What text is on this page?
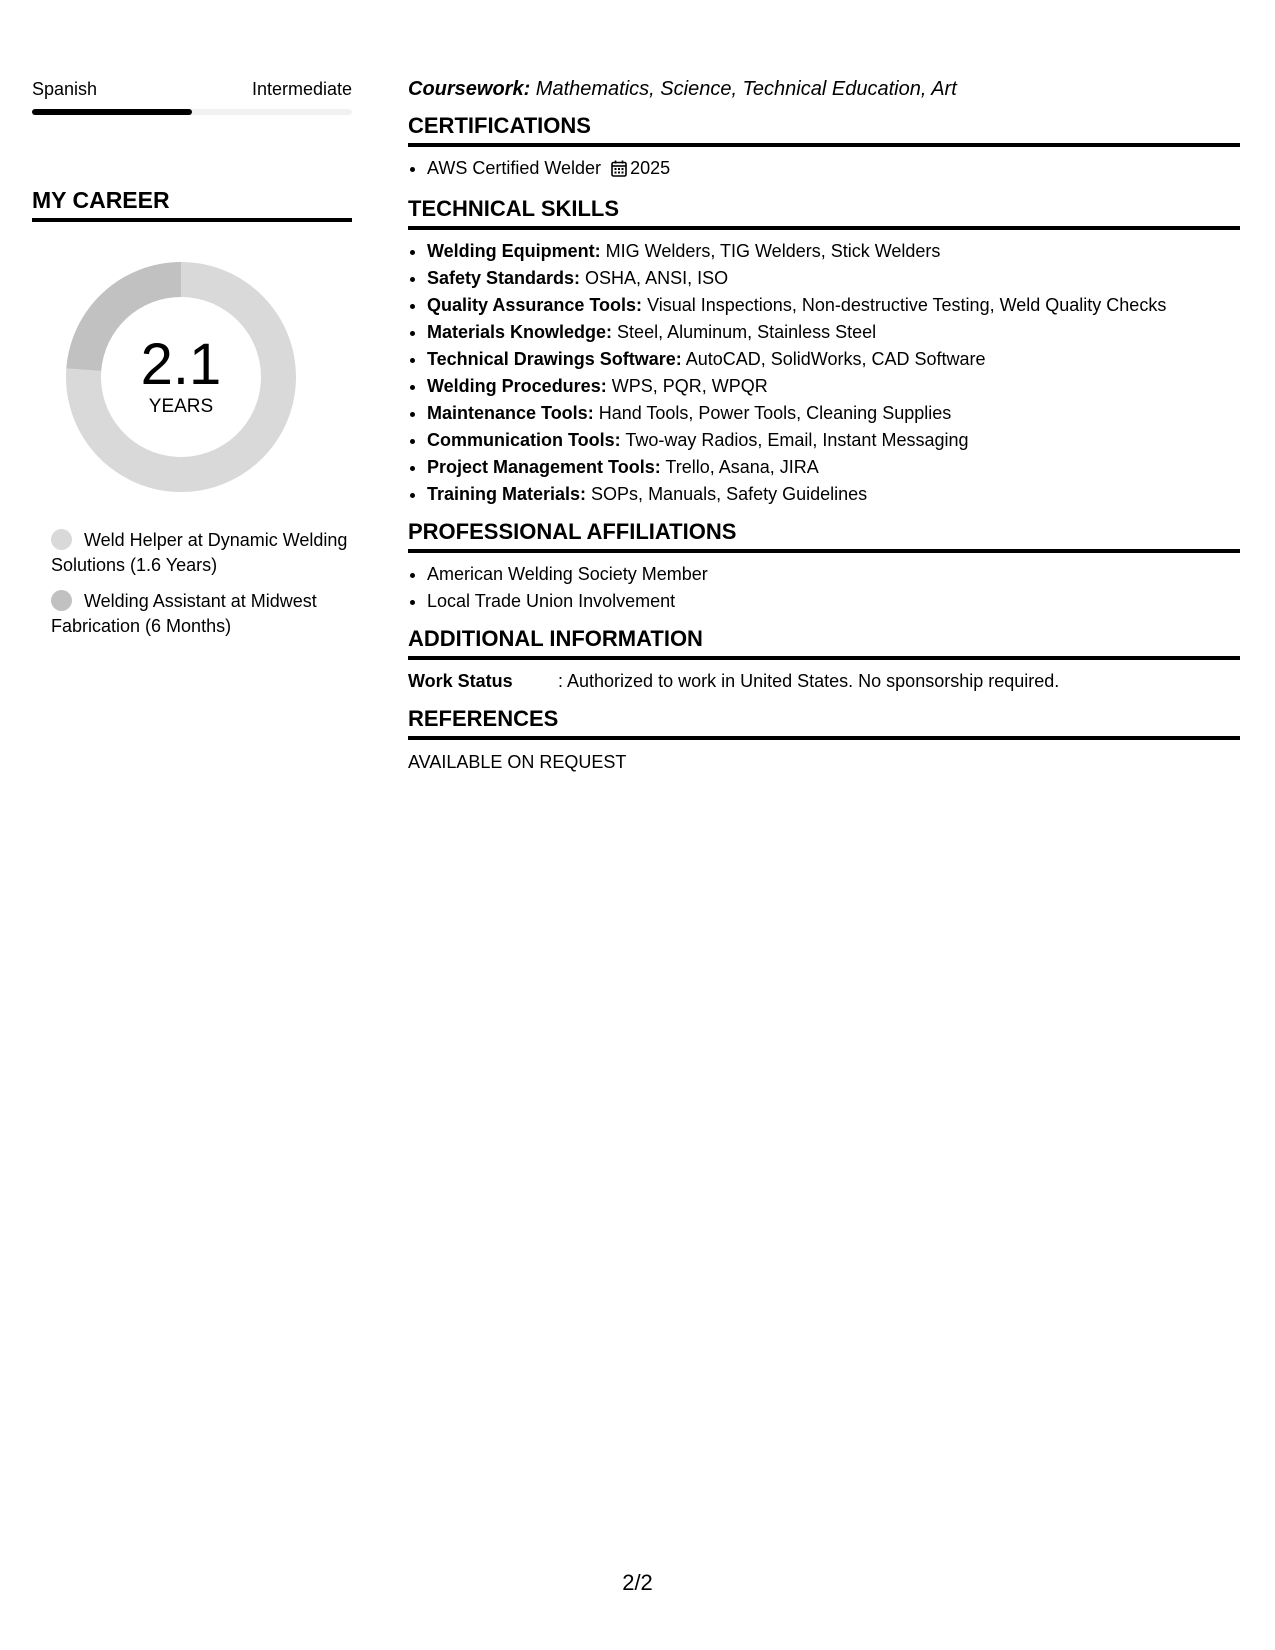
Spanish	Intermediate
MY CAREER
2.1
YEARS
Weld Helper at Dynamic Welding Solutions (1.6 Years)
Welding Assistant at Midwest Fabrication (6 Months)
Coursework: Mathematics, Science, Technical Education, Art
CERTIFICATIONS
• AWS Certified Welder 2025
TECHNICAL SKILLS
• Welding Equipment: MIG Welders, TIG Welders, Stick Welders
• Safety Standards: OSHA, ANSI, ISO
• Quality Assurance Tools: Visual Inspections, Non-destructive Testing, Weld Quality Checks
• Materials Knowledge: Steel, Aluminum, Stainless Steel
• Technical Drawings Software: AutoCAD, SolidWorks, CAD Software
• Welding Procedures: WPS, PQR, WPQR
• Maintenance Tools: Hand Tools, Power Tools, Cleaning Supplies
• Communication Tools: Two-way Radios, Email, Instant Messaging
• Project Management Tools: Trello, Asana, JIRA
• Training Materials: SOPs, Manuals, Safety Guidelines
PROFESSIONAL AFFILIATIONS
• American Welding Society Member
• Local Trade Union Involvement
ADDITIONAL INFORMATION
Work Status	: Authorized to work in United States. No sponsorship required.
REFERENCES
AVAILABLE ON REQUEST
2/2
